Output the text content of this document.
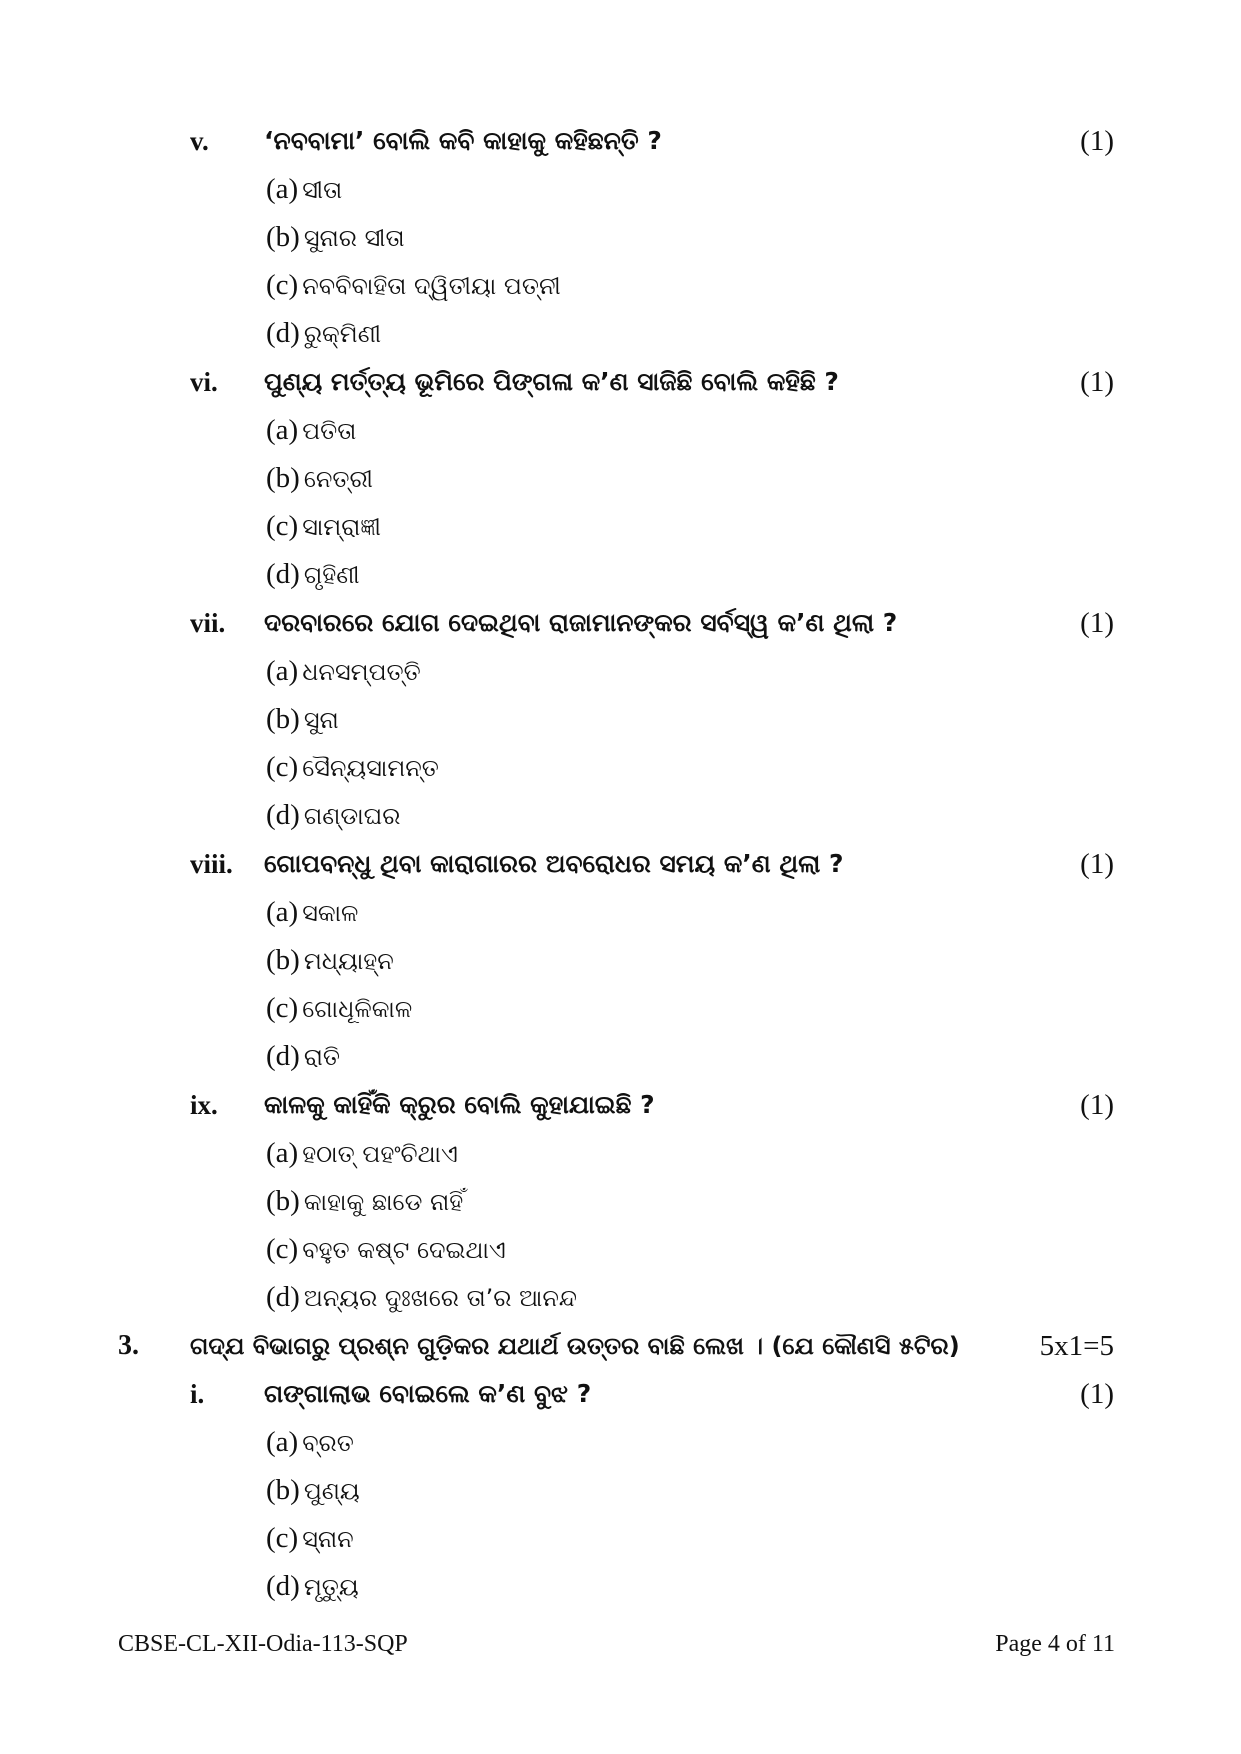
v. ‘ନବବାମା’ ବୋଲି କବି କାହାକୁ କହିଛନ୍ତି ?	(1)
(a) ସୀତା
(b) ସୁନାର ସୀତା
(c) ନବବିବାହିତା ଦ୍ୱିତୀୟା ପତ୍ନୀ
(d) ରୁକ୍ମିଣୀ
vi. ପୁଣ୍ୟ ମର୍ତ୍ତ୍ୟ ଭୂମିରେ ପିଙ୍ଗଳା କ’ଣ ସାଜିଛି ବୋଲି କହିଛି ?	(1)
(a) ପତିତା
(b) ନେତ୍ରୀ
(c) ସାମ୍ରାଜ୍ଞୀ
(d) ଗୃହିଣୀ
vii. ଦରବାରରେ ଯୋଗ ଦେଇଥିବା ରାଜାମାନଙ୍କର ସର୍ବସ୍ୱ କ’ଣ ଥିଲା ?	(1)
(a) ଧନସମ୍ପତ୍ତି
(b) ସୁନା
(c) ସୈନ୍ୟସାମନ୍ତ
(d) ଗଣ୍ଡାଘର
viii. ଗୋପବନ୍ଧୁ ଥିବା କାରାଗାରର ଅବରୋଧର ସମୟ କ’ଣ ଥିଲା ?	(1)
(a) ସକାଳ
(b) ମଧ୍ୟାହ୍ନ
(c) ଗୋଧୂଳିକାଳ
(d) ରାତି
ix. କାଳକୁ କାହିଁକି କ୍ରୁର ବୋଲି କୁହାଯାଇଛି ?	(1)
(a) ହଠାତ୍ ପହଂଚିଥାଏ
(b) କାହାକୁ ଛାଡେ ନାହିଁ
(c) ବହୁତ କଷ୍ଟ ଦେଇଥାଏ
(d) ଅନ୍ୟର ଦୁଃଖରେ ତା’ର ଆନନ୍ଦ
3. ଗଦ୍ଯ ବିଭାଗରୁ ପ୍ରଶ୍ନ ଗୁଡ଼ିକର ଯଥାର୍ଥ ଉତ୍ତର ବାଛି ଲେଖ । (ଯେ କୌଣସି ୫ଟିର)	5x1=5
i. ଗଙ୍ଗାଲାଭ ବୋଇଲେ କ’ଣ ବୁଝ ?	(1)
(a) ବ୍ରତ
(b) ପୁଣ୍ୟ
(c) ସ୍ନାନ
(d) ମୃତ୍ୟୁ
CBSE-CL-XII-Odia-113-SQP	Page 4 of 11
